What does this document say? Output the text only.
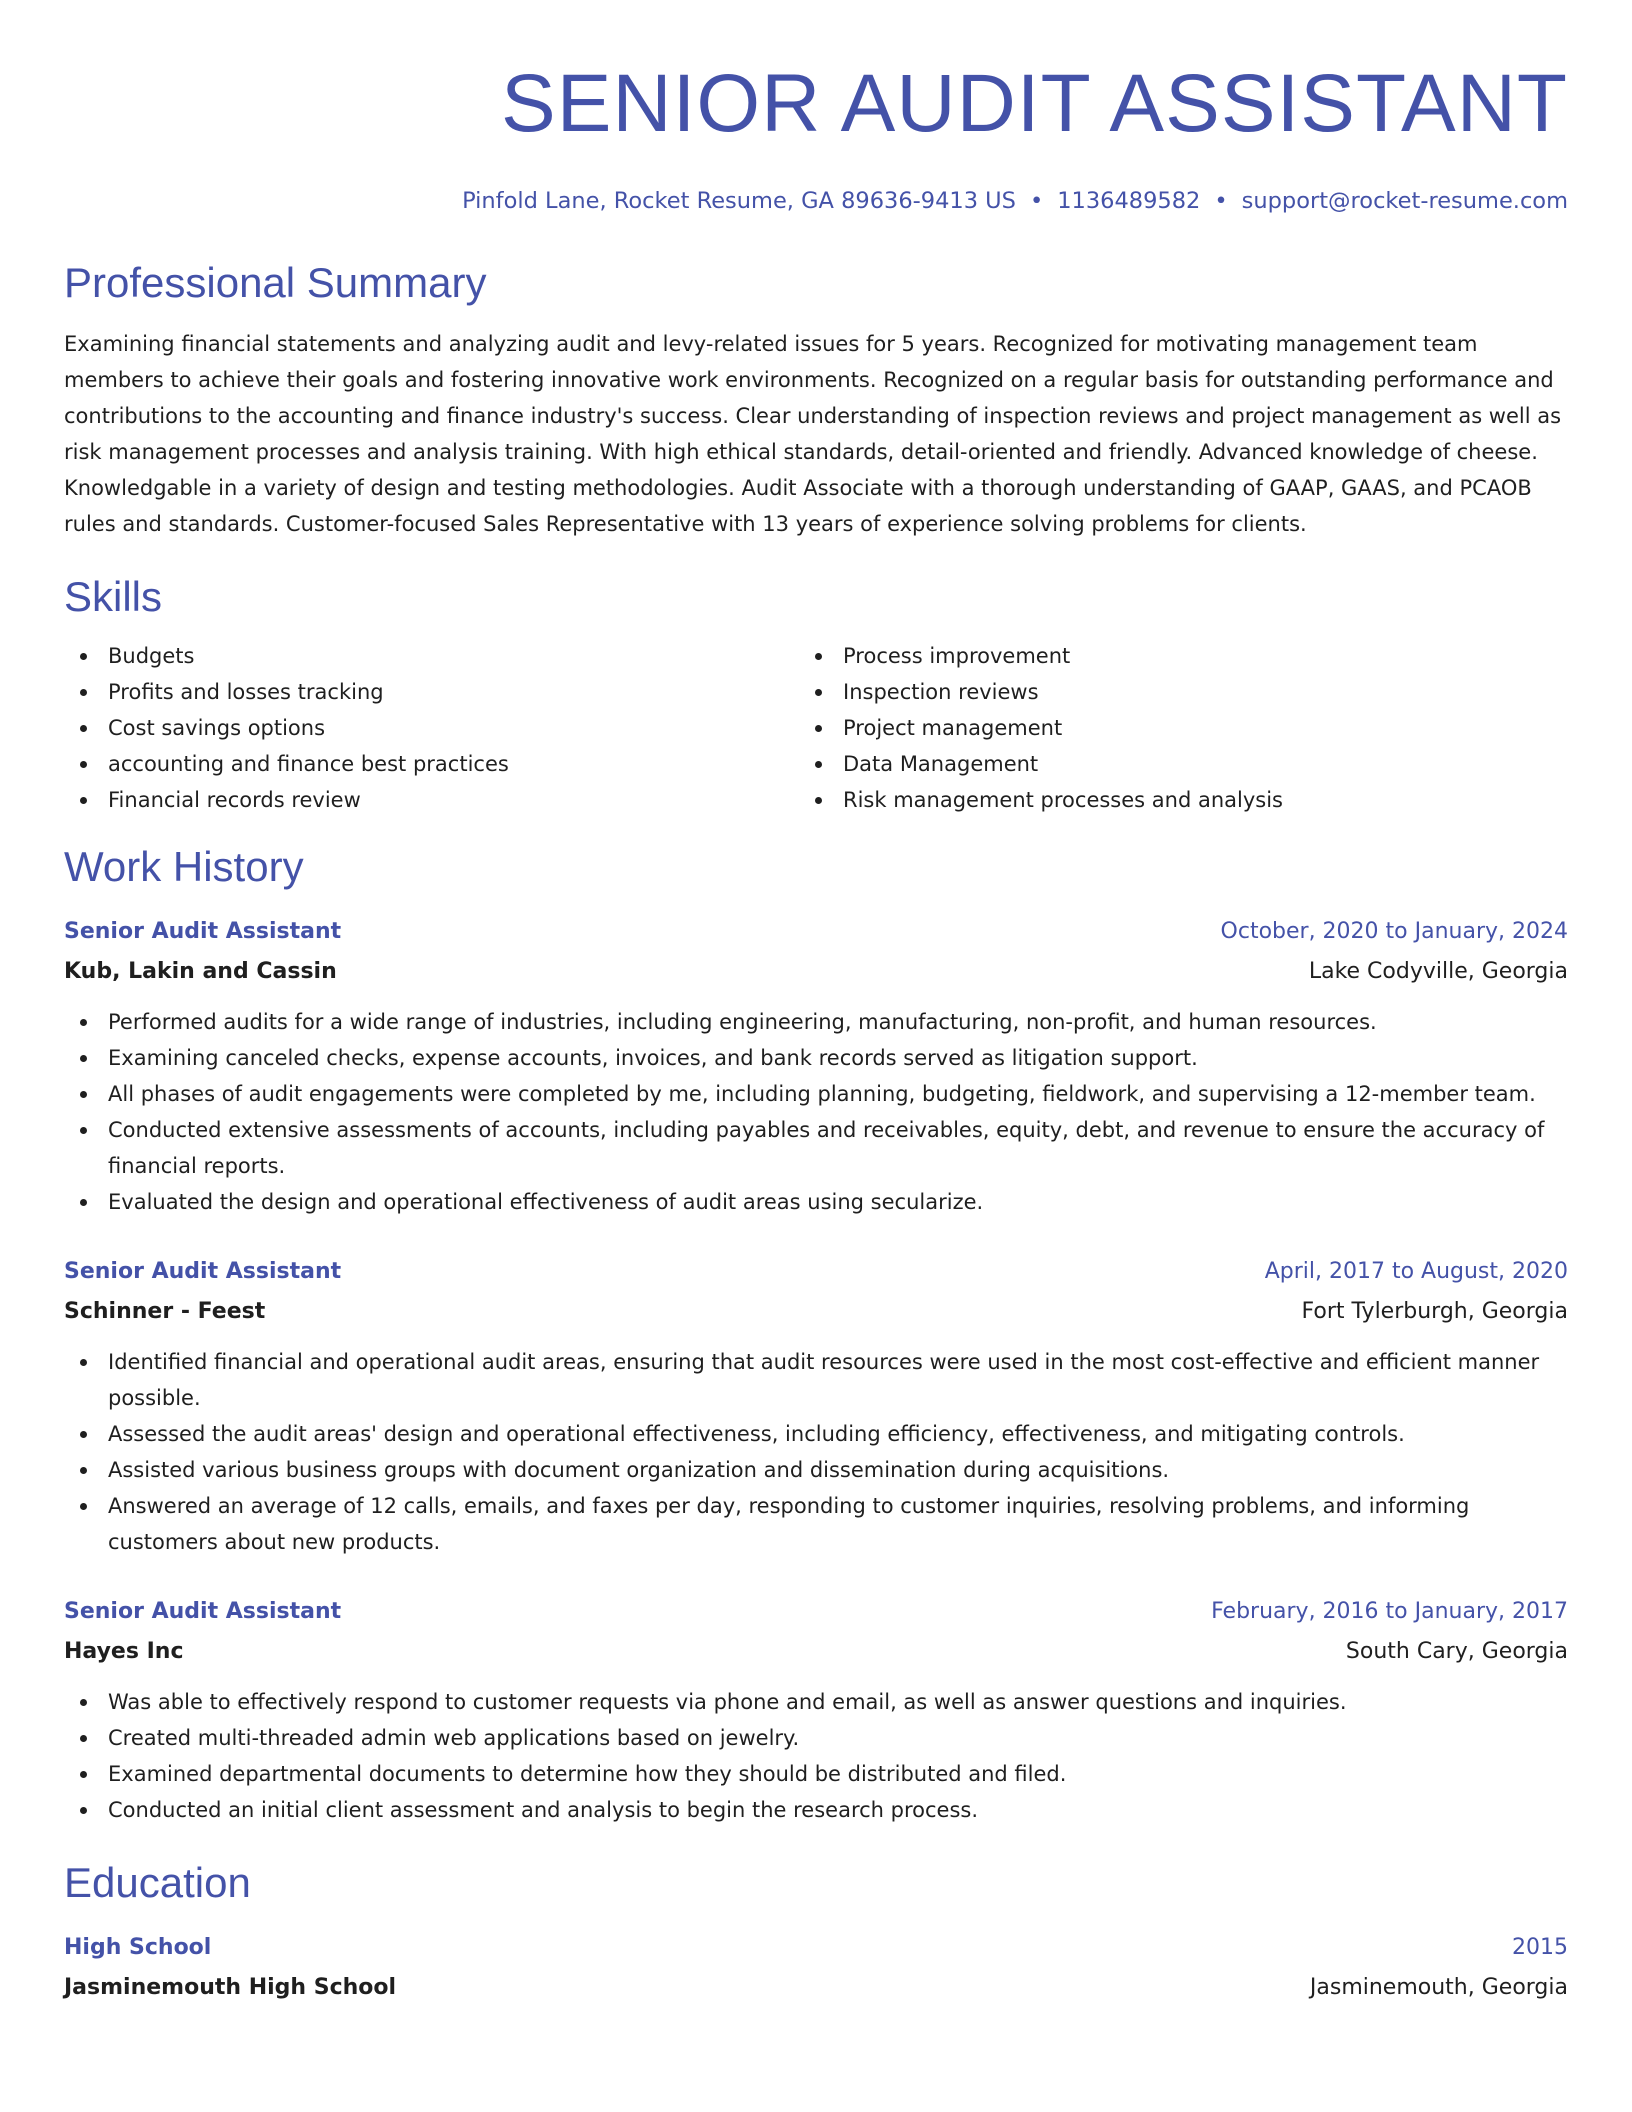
SENIOR AUDIT ASSISTANT
Pinfold Lane, Rocket Resume, GA 89636-9413 US • 1136489582 • support@rocket-resume.com
Professional Summary

Examining financial statements and analyzing audit and levy-related issues for 5 years. Recognized for motivating management team members to achieve their goals and fostering innovative work environments. Recognized on a regular basis for outstanding performance and contributions to the accounting and finance industry's success. Clear understanding of inspection reviews and project management as well as risk management processes and analysis training. With high ethical standards, detail-oriented and friendly. Advanced knowledge of cheese. Knowledgable in a variety of design and testing methodologies. Audit Associate with a thorough understanding of GAAP, GAAS, and PCAOB rules and standards. Customer-focused Sales Representative with 13 years of experience solving problems for clients.

Skills
Budgets
Profits and losses tracking
Cost savings options
accounting and finance best practices
Financial records review
Process improvement
Inspection reviews
Project management
Data Management
Risk management processes and analysis
Work History
Senior Audit Assistant	October, 2020 to January, 2024
Kub, Lakin and Cassin	Lake Codyville, Georgia
Performed audits for a wide range of industries, including engineering, manufacturing, non-profit, and human resources.
Examining canceled checks, expense accounts, invoices, and bank records served as litigation support.
All phases of audit engagements were completed by me, including planning, budgeting, fieldwork, and supervising a 12-member team.
Conducted extensive assessments of accounts, including payables and receivables, equity, debt, and revenue to ensure the accuracy of financial reports.
Evaluated the design and operational effectiveness of audit areas using secularize.
Senior Audit Assistant	April, 2017 to August, 2020
Schinner - Feest	Fort Tylerburgh, Georgia
Identified financial and operational audit areas, ensuring that audit resources were used in the most cost-effective and efficient manner possible.
Assessed the audit areas' design and operational effectiveness, including efficiency, effectiveness, and mitigating controls.
Assisted various business groups with document organization and dissemination during acquisitions.
Answered an average of 12 calls, emails, and faxes per day, responding to customer inquiries, resolving problems, and informing customers about new products.
Senior Audit Assistant	February, 2016 to January, 2017
Hayes Inc	South Cary, Georgia
Was able to effectively respond to customer requests via phone and email, as well as answer questions and inquiries.
Created multi-threaded admin web applications based on jewelry.
Examined departmental documents to determine how they should be distributed and filed.
Conducted an initial client assessment and analysis to begin the research process.
Education
High School	2015
Jasminemouth High School	Jasminemouth, Georgia
